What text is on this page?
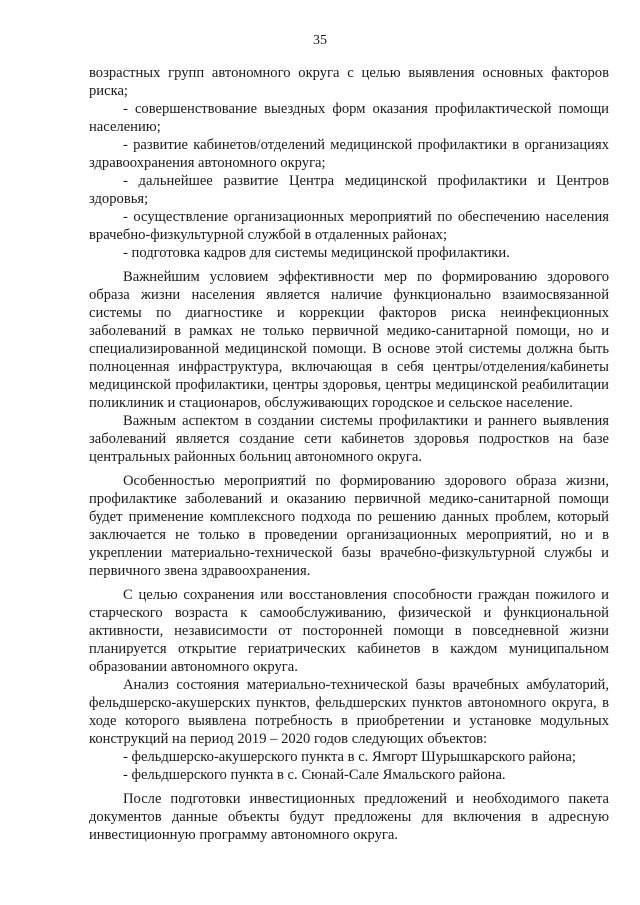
35

возрастных групп автономного округа с целью выявления основных факторов риска;

- совершенствование выездных форм оказания профилактической помощи населению;

- развитие кабинетов/отделений медицинской профилактики в организациях здравоохранения автономного округа;

- дальнейшее развитие Центра медицинской профилактики и Центров здоровья;

- осуществление организационных мероприятий по обеспечению населения врачебно-физкультурной службой в отдаленных районах;

- подготовка кадров для системы медицинской профилактики.

Важнейшим условием эффективности мер по формированию здорового образа жизни населения является наличие функционально взаимосвязанной системы по диагностике и коррекции факторов риска неинфекционных заболеваний в рамках не только первичной медико-санитарной помощи, но и специализированной медицинской помощи. В основе этой системы должна быть полноценная инфраструктура, включающая в себя центры/отделения/кабинеты медицинской профилактики, центры здоровья, центры медицинской реабилитации поликлиник и стационаров, обслуживающих городское и сельское население.

Важным аспектом в создании системы профилактики и раннего выявления заболеваний является создание сети кабинетов здоровья подростков на базе центральных районных больниц автономного округа.

Особенностью мероприятий по формированию здорового образа жизни, профилактике заболеваний и оказанию первичной медико-санитарной помощи будет применение комплексного подхода по решению данных проблем, который заключается не только в проведении организационных мероприятий, но и в укреплении материально-технической базы врачебно-физкультурной службы и первичного звена здравоохранения.

С целью сохранения или восстановления способности граждан пожилого и старческого возраста к самообслуживанию, физической и функциональной активности, независимости от посторонней помощи в повседневной жизни планируется открытие гериатрических кабинетов в каждом муниципальном образовании автономного округа.

Анализ состояния материально-технической базы врачебных амбулаторий, фельдшерско-акушерских пунктов, фельдшерских пунктов автономного округа, в ходе которого выявлена потребность в приобретении и установке модульных конструкций на период 2019 – 2020 годов следующих объектов:

- фельдшерско-акушерского пункта в с. Ямгорт Шурышкарского района;

- фельдшерского пункта в с. Сюнай-Сале Ямальского района.

После подготовки инвестиционных предложений и необходимого пакета документов данные объекты будут предложены для включения в адресную инвестиционную программу автономного округа.
